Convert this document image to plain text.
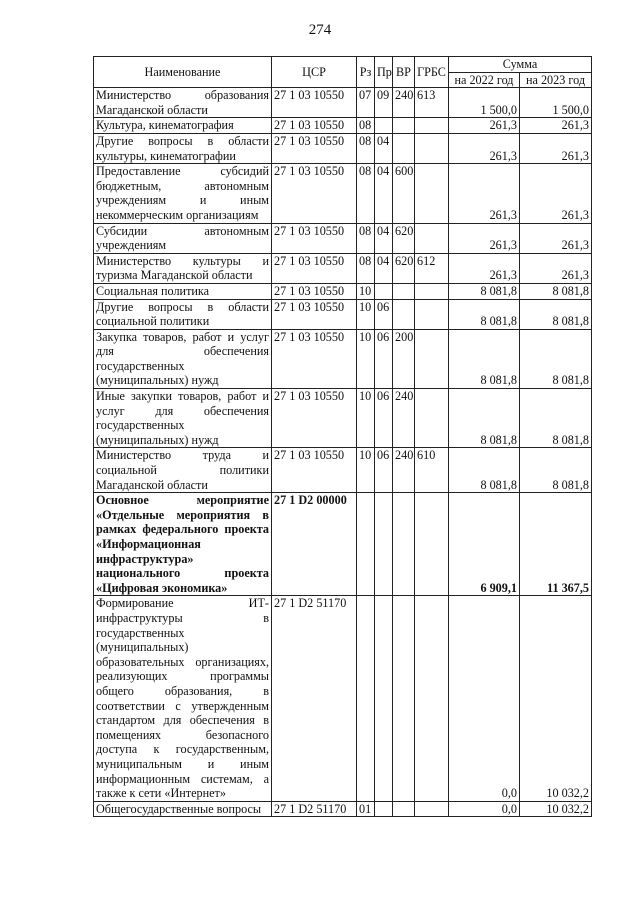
274
Наименование	ЦСР	Рз	Пр	ВР	ГРБС	Сумма	
						на 2022 год	на 2023 год
Министерство образования Магаданской области	27 1 03 10550	07	09	240	613	1 500,0	1 500,0
Культура, кинематография	27 1 03 10550	08				261,3	261,3
Другие вопросы в области культуры, кинематографии	27 1 03 10550	08	04			261,3	261,3
Предоставление субсидий бюджетным, автономным учреждениям и иным некоммерческим организациям	27 1 03 10550	08	04	600		261,3	261,3
Субсидии автономным учреждениям	27 1 03 10550	08	04	620		261,3	261,3
Министерство культуры и туризма Магаданской области	27 1 03 10550	08	04	620	612	261,3	261,3
Социальная политика	27 1 03 10550	10				8 081,8	8 081,8
Другие вопросы в области социальной политики	27 1 03 10550	10	06			8 081,8	8 081,8
Закупка товаров, работ и услуг для обеспечения государственных (муниципальных) нужд	27 1 03 10550	10	06	200		8 081,8	8 081,8
Иные закупки товаров, работ и услуг для обеспечения государственных (муниципальных) нужд	27 1 03 10550	10	06	240		8 081,8	8 081,8
Министерство труда и социальной политики Магаданской области	27 1 03 10550	10	06	240	610	8 081,8	8 081,8
Основное мероприятие «Отдельные мероприятия в рамках федерального проекта «Информационная инфраструктура» национального проекта «Цифровая экономика»	27 1 D2 00000					6 909,1	11 367,5
Формирование ИТ-инфраструктуры в государственных (муниципальных) образовательных организациях, реализующих программы общего образования, в соответствии с утвержденным стандартом для обеспечения в помещениях безопасного доступа к государственным, муниципальным и иным информационным системам, а также к сети «Интернет»	27 1 D2 51170					0,0	10 032,2
Общегосударственные вопросы	27 1 D2 51170	01				0,0	10 032,2
